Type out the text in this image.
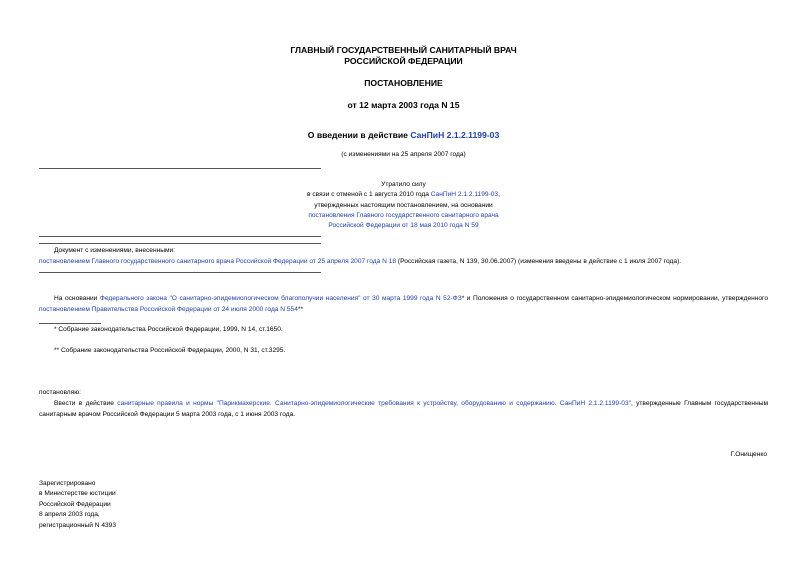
ГЛАВНЫЙ ГОСУДАРСТВЕННЫЙ САНИТАРНЫЙ ВРАЧ
РОССИЙСКОЙ ФЕДЕРАЦИИ
ПОСТАНОВЛЕНИЕ
от 12 марта 2003 года N 15
О введении в действие СанПиН 2.1.2.1199-03
(с изменениями на 25 апреля 2007 года)
Утратило силу
в связи с отменой с 1 августа 2010 года СанПиН 2.1.2.1199-03,
утвержденных настоящим постановлением, на основании
постановления Главного государственного санитарного врача
Российской Федерации от 18 мая 2010 года N 59
Документ с изменениями, внесенными:
постановлением Главного государственного санитарного врача Российской Федерации от 25 апреля 2007 года N 18 (Российская газета, N 139, 30.06.2007) (изменения введены в действие с 1 июля 2007 года).

На основании Федерального закона "О санитарно-эпидемиологическом благополучии населения" от 30 марта 1999 года N 52-ФЗ* и Положения о государственном санитарно-эпидемиологическом нормировании, утвержденного постановлением Правительства Российской Федерации от 24 июля 2000 года N 554**

* Собрание законодательства Российской Федерации, 1999, N 14, ст.1650.
** Собрание законодательства Российской Федерации, 2000, N 31, ст.3295.
постановляю:

Ввести в действие санитарные правила и нормы "Парикмахерские. Санитарно-эпидемиологические требования к устройству, оборудованию и содержанию. СанПиН 2.1.2.1199-03", утвержденные Главным государственным санитарным врачом Российской Федерации 5 марта 2003 года, с 1 июня 2003 года.

Г.Онищенко
Зарегистрировано
в Министерстве юстиции
Российской Федерации
8 апреля 2003 года,
регистрационный N 4393
